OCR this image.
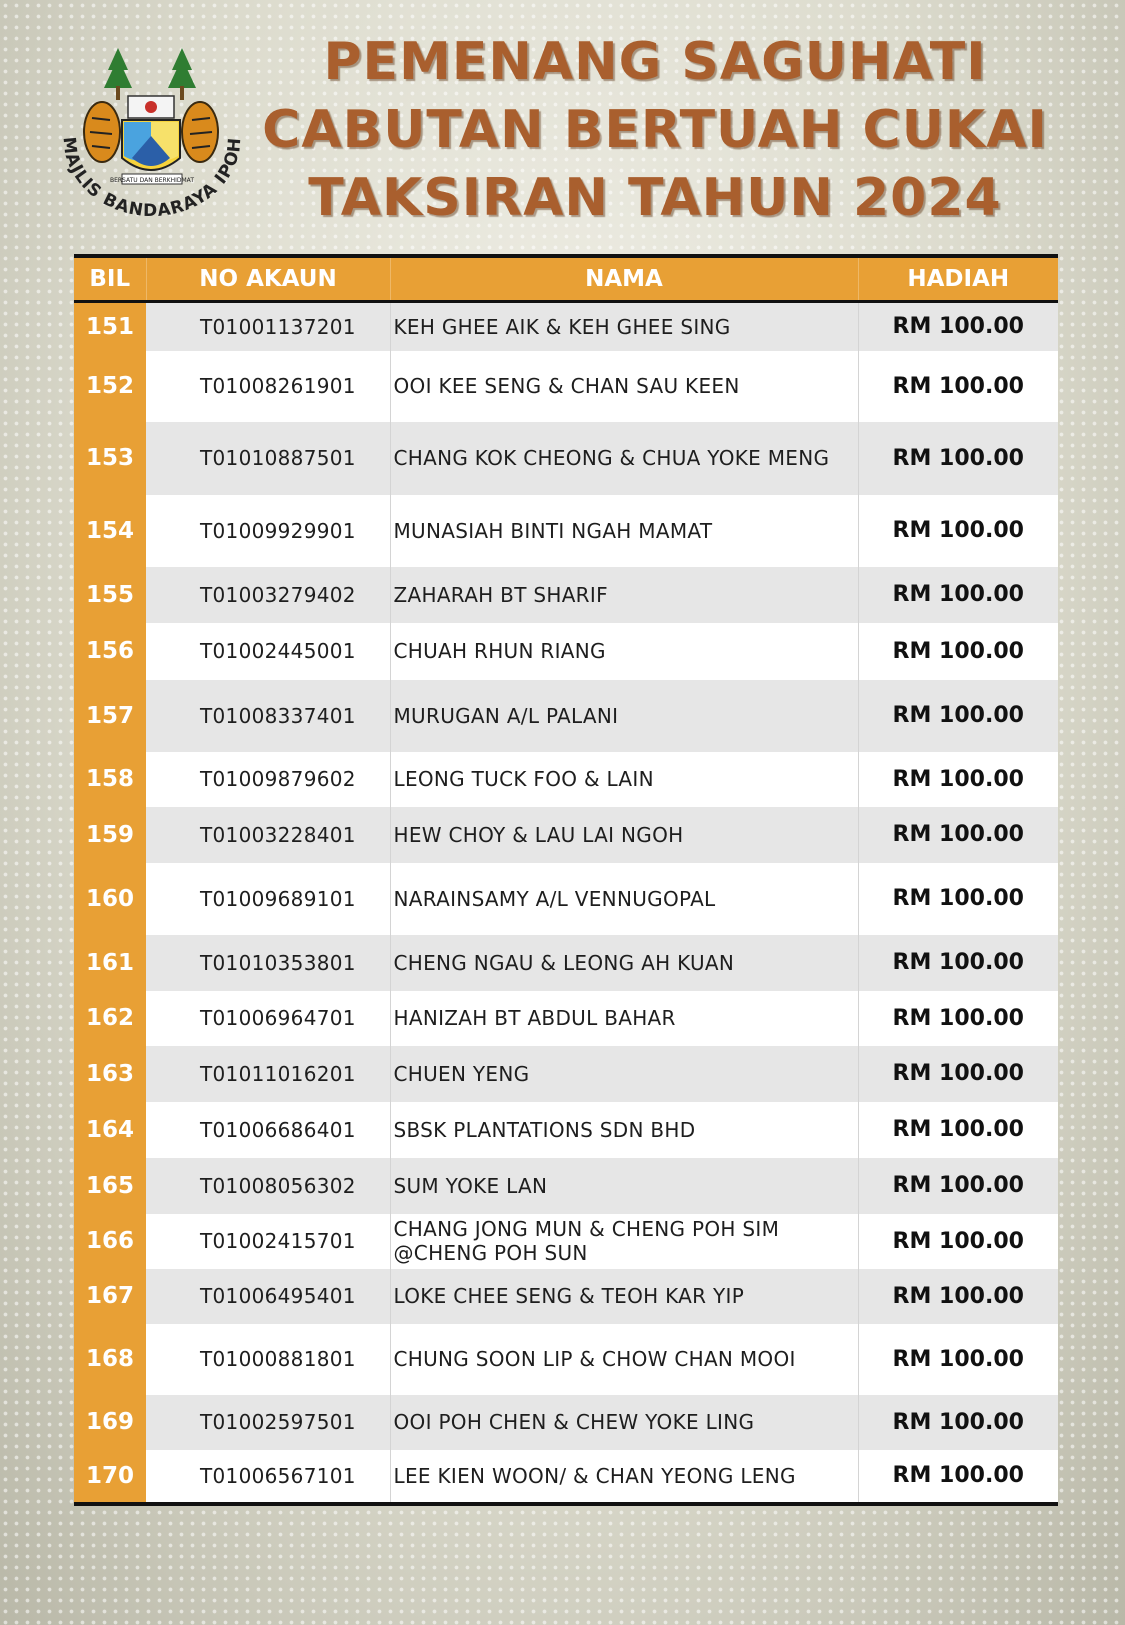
BERSATU DAN BERKHIDMAT
MAJLIS BANDARAYA IPOH
PEMENANG SAGUHATI
CABUTAN BERTUAH CUKAI
TAKSIRAN TAHUN 2024
BIL	NO AKAUN	NAMA	HADIAH
151	T01001137201	KEH GHEE AIK & KEH GHEE SING	RM 100.00
152	T01008261901	OOI KEE SENG & CHAN SAU KEEN	RM 100.00
153	T01010887501	CHANG KOK CHEONG & CHUA YOKE MENG	RM 100.00
154	T01009929901	MUNASIAH BINTI NGAH MAMAT	RM 100.00
155	T01003279402	ZAHARAH BT SHARIF	RM 100.00
156	T01002445001	CHUAH RHUN RIANG	RM 100.00
157	T01008337401	MURUGAN A/L PALANI	RM 100.00
158	T01009879602	LEONG TUCK FOO & LAIN	RM 100.00
159	T01003228401	HEW CHOY & LAU LAI NGOH	RM 100.00
160	T01009689101	NARAINSAMY A/L VENNUGOPAL	RM 100.00
161	T01010353801	CHENG NGAU & LEONG AH KUAN	RM 100.00
162	T01006964701	HANIZAH BT ABDUL BAHAR	RM 100.00
163	T01011016201	CHUEN YENG	RM 100.00
164	T01006686401	SBSK PLANTATIONS SDN BHD	RM 100.00
165	T01008056302	SUM YOKE LAN	RM 100.00
166	T01002415701	CHANG JONG MUN & CHENG POH SIM @CHENG POH SUN	RM 100.00
167	T01006495401	LOKE CHEE SENG & TEOH KAR YIP	RM 100.00
168	T01000881801	CHUNG SOON LIP & CHOW CHAN MOOI	RM 100.00
169	T01002597501	OOI POH CHEN & CHEW YOKE LING	RM 100.00
170	T01006567101	LEE KIEN WOON/ & CHAN YEONG LENG	RM 100.00
